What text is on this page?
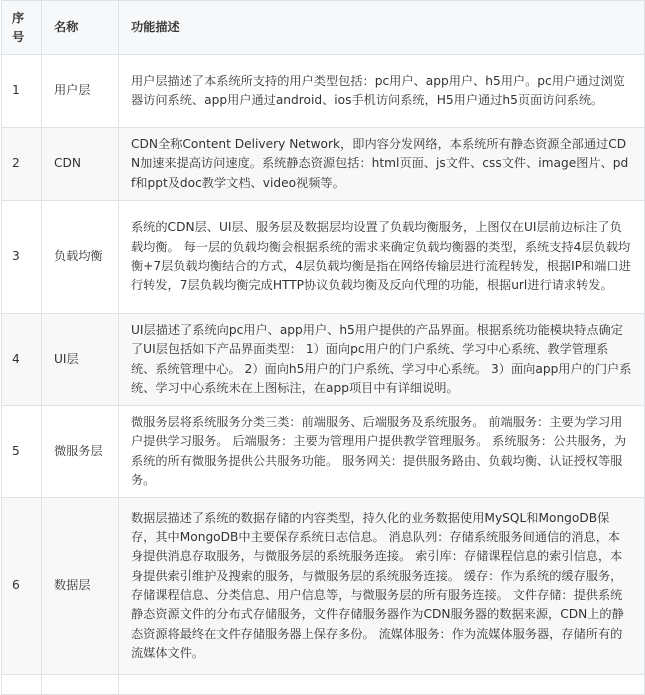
序号	名称	功能描述
1	用户层	用户层描述了本系统所支持的用户类型包括：pc用户、app用户、h5用户。pc用户通过浏览器访问系统、app用户通过android、ios手机访问系统，H5用户通过h5页面访问系统。
2	CDN	CDN全称Content Delivery Network，即内容分发网络，本系统所有静态资源全部通过CDN加速来提高访问速度。系统静态资源包括：html页面、js文件、css文件、image图片、pdf和ppt及doc教学文档、video视频等。
3	负载均衡	系统的CDN层、UI层、服务层及数据层均设置了负载均衡服务，上图仅在UI层前边标注了负载均衡。 每一层的负载均衡会根据系统的需求来确定负载均衡器的类型，系统支持4层负载均衡+7层负载均衡结合的方式，4层负载均衡是指在网络传输层进行流程转发，根据IP和端口进行转发，7层负载均衡完成HTTP协议负载均衡及反向代理的功能，根据url进行请求转发。
4	UI层	UI层描述了系统向pc用户、app用户、h5用户提供的产品界面。根据系统功能模块特点确定了UI层包括如下产品界面类型： 1）面向pc用户的门户系统、学习中心系统、教学管理系统、系统管理中心。 2）面向h5用户的门户系统、学习中心系统。 3）面向app用户的门户系统、学习中心系统未在上图标注，在app项目中有详细说明。
5	微服务层	微服务层将系统服务分类三类：前端服务、后端服务及系统服务。 前端服务：主要为学习用户提供学习服务。 后端服务：主要为管理用户提供教学管理服务。 系统服务：公共服务，为系统的所有微服务提供公共服务功能。 服务网关：提供服务路由、负载均衡、认证授权等服务。
6	数据层	数据层描述了系统的数据存储的内容类型，持久化的业务数据使用MySQL和MongoDB保存，其中MongoDB中主要保存系统日志信息。 消息队列：存储系统服务间通信的消息，本身提供消息存取服务，与微服务层的系统服务连接。 索引库：存储课程信息的索引信息，本身提供索引维护及搜索的服务，与微服务层的系统服务连接。 缓存：作为系统的缓存服务，存储课程信息、分类信息、用户信息等，与微服务层的所有服务连接。 文件存储：提供系统静态资源文件的分布式存储服务，文件存储服务器作为CDN服务器的数据来源，CDN上的静态资源将最终在文件存储服务器上保存多份。 流媒体服务：作为流媒体服务器，存储所有的流媒体文件。
